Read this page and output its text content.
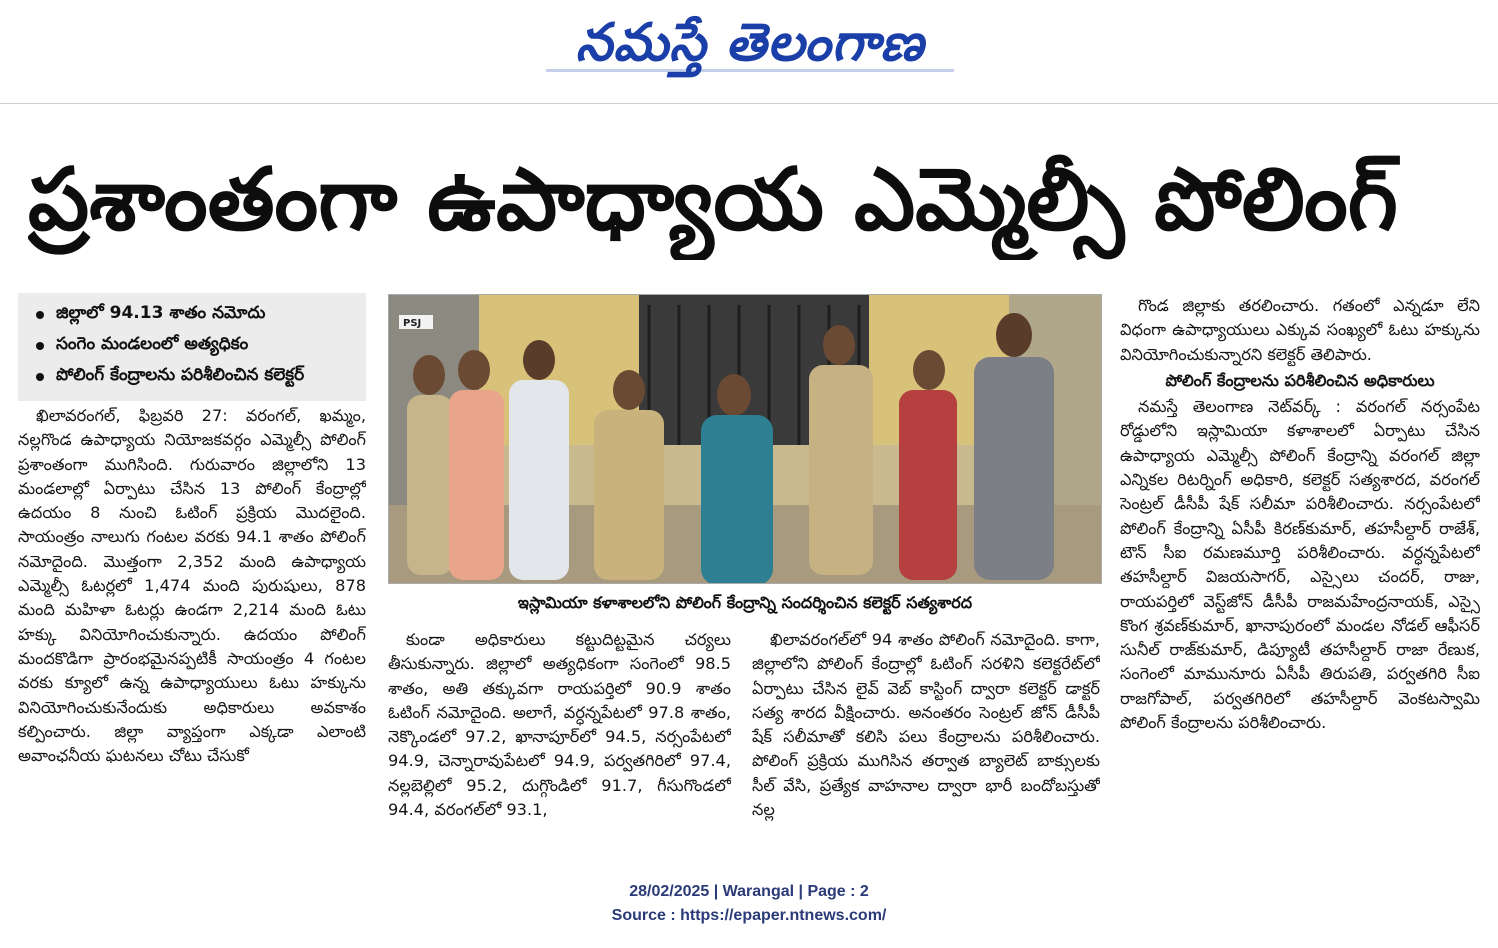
నమస్తే తెలంగాణ
ప్రశాంతంగా ఉపాధ్యాయ ఎమ్మెల్సీ పోలింగ్
జిల్లాలో 94.13 శాతం నమోదు
సంగెం మండలంలో అత్యధికం
పోలింగ్ కేంద్రాలను పరిశీలించిన కలెక్టర్

ఖిలావరంగల్, ఫిబ్రవరి 27: వరంగల్, ఖమ్మం, నల్లగొండ ఉపాధ్యాయ నియోజకవర్గం ఎమ్మెల్సీ పోలింగ్ ప్రశాంతంగా ముగిసింది. గురువారం జిల్లాలోని 13 మండలాల్లో ఏర్పాటు చేసిన 13 పోలింగ్ కేంద్రాల్లో ఉదయం 8 నుంచి ఓటింగ్ ప్రక్రియ మొదలైంది. సాయంత్రం నాలుగు గంటల వరకు 94.1 శాతం పోలింగ్ నమోదైంది. మొత్తంగా 2,352 మంది ఉపాధ్యాయ ఎమ్మెల్సీ ఓటర్లలో 1,474 మంది పురుషులు, 878 మంది మహిళా ఓటర్లు ఉండగా 2,214 మంది ఓటు హక్కు వినియోగించుకున్నారు. ఉదయం పోలింగ్ మందకొడిగా ప్రారంభమైనప్పటికీ సాయంత్రం 4 గంటల వరకు క్యూలో ఉన్న ఉపాధ్యాయులు ఓటు హక్కును వినియోగించుకునేందుకు అధికారులు అవకాశం కల్పించారు. జిల్లా వ్యాప్తంగా ఎక్కడా ఎలాంటి అవాంఛనీయ ఘటనలు చోటు చేసుకో

PSJ
ఇస్లామియా కళాశాలలోని పోలింగ్ కేంద్రాన్ని సందర్శించిన కలెక్టర్ సత్యశారద

కుండా అధికారులు కట్టుదిట్టమైన చర్యలు తీసుకున్నారు. జిల్లాలో అత్యధికంగా సంగెంలో 98.5 శాతం, అతి తక్కువగా రాయపర్తిలో 90.9 శాతం ఓటింగ్ నమోదైంది. అలాగే, వర్ధన్నపేటలో 97.8 శాతం, నెక్కొండలో 97.2, ఖానాపూర్‌లో 94.5, నర్సంపేటలో 94.9, చెన్నారావుపేటలో 94.9, పర్వతగిరిలో 97.4, నల్లబెల్లిలో 95.2, దుగ్గొండిలో 91.7, గీసుగొండలో 94.4, వరంగల్‌లో 93.1,

ఖిలావరంగల్‌లో 94 శాతం పోలింగ్ నమోదైంది. కాగా, జిల్లాలోని పోలింగ్ కేంద్రాల్లో ఓటింగ్ సరళిని కలెక్టరేట్‌లో ఏర్పాటు చేసిన లైవ్ వెబ్ కాస్టింగ్ ద్వారా కలెక్టర్ డాక్టర్ సత్య శారద వీక్షించారు. అనంతరం సెంట్రల్ జోన్ డీసీపీ షేక్ సలీమాతో కలిసి పలు కేంద్రాలను పరిశీలించారు. పోలింగ్ ప్రక్రియ ముగిసిన తర్వాత బ్యాలెట్ బాక్సులకు సీల్ వేసి, ప్రత్యేక వాహనాల ద్వారా భారీ బందోబస్తుతో నల్ల

గొండ జిల్లాకు తరలించారు. గతంలో ఎన్నడూ లేని విధంగా ఉపాధ్యాయులు ఎక్కువ సంఖ్యలో ఓటు హక్కును వినియోగించుకున్నారని కలెక్టర్ తెలిపారు.

పోలింగ్ కేంద్రాలను పరిశీలించిన అధికారులు

నమస్తే తెలంగాణ నెట్‌వర్క్ : వరంగల్ నర్సంపేట రోడ్డులోని ఇస్లామియా కళాశాలలో ఏర్పాటు చేసిన ఉపాధ్యాయ ఎమ్మెల్సీ పోలింగ్ కేంద్రాన్ని వరంగల్ జిల్లా ఎన్నికల రిటర్నింగ్ అధికారి, కలెక్టర్ సత్యశారద, వరంగల్ సెంట్రల్ డీసీపీ షేక్ సలీమా పరిశీలించారు. నర్సంపేటలో పోలింగ్ కేంద్రాన్ని ఏసీపీ కిరణ్‌కుమార్, తహసీల్దార్ రాజేశ్, టౌన్ సీఐ రమణమూర్తి పరిశీలించారు. వర్ధన్నపేటలో తహసీల్దార్ విజయసాగర్, ఎస్సైలు చందర్, రాజు, రాయపర్తిలో వెస్ట్‌జోన్ డీసీపీ రాజమహేంద్రనాయక్, ఎస్సై కొంగ శ్రవణ్‌కుమార్, ఖానాపురంలో మండల నోడల్ ఆఫీసర్ సునీల్ రాజ్‌కుమార్, డిప్యూటీ తహసీల్దార్ రాజా రేణుక, సంగెంలో మామునూరు ఏసీపీ తిరుపతి, పర్వతగిరి సీఐ రాజగోపాల్, పర్వతగిరిలో తహసీల్దార్ వెంకటస్వామి పోలింగ్ కేంద్రాలను పరిశీలించారు.

28/02/2025 | Warangal | Page : 2
Source : https://epaper.ntnews.com/
